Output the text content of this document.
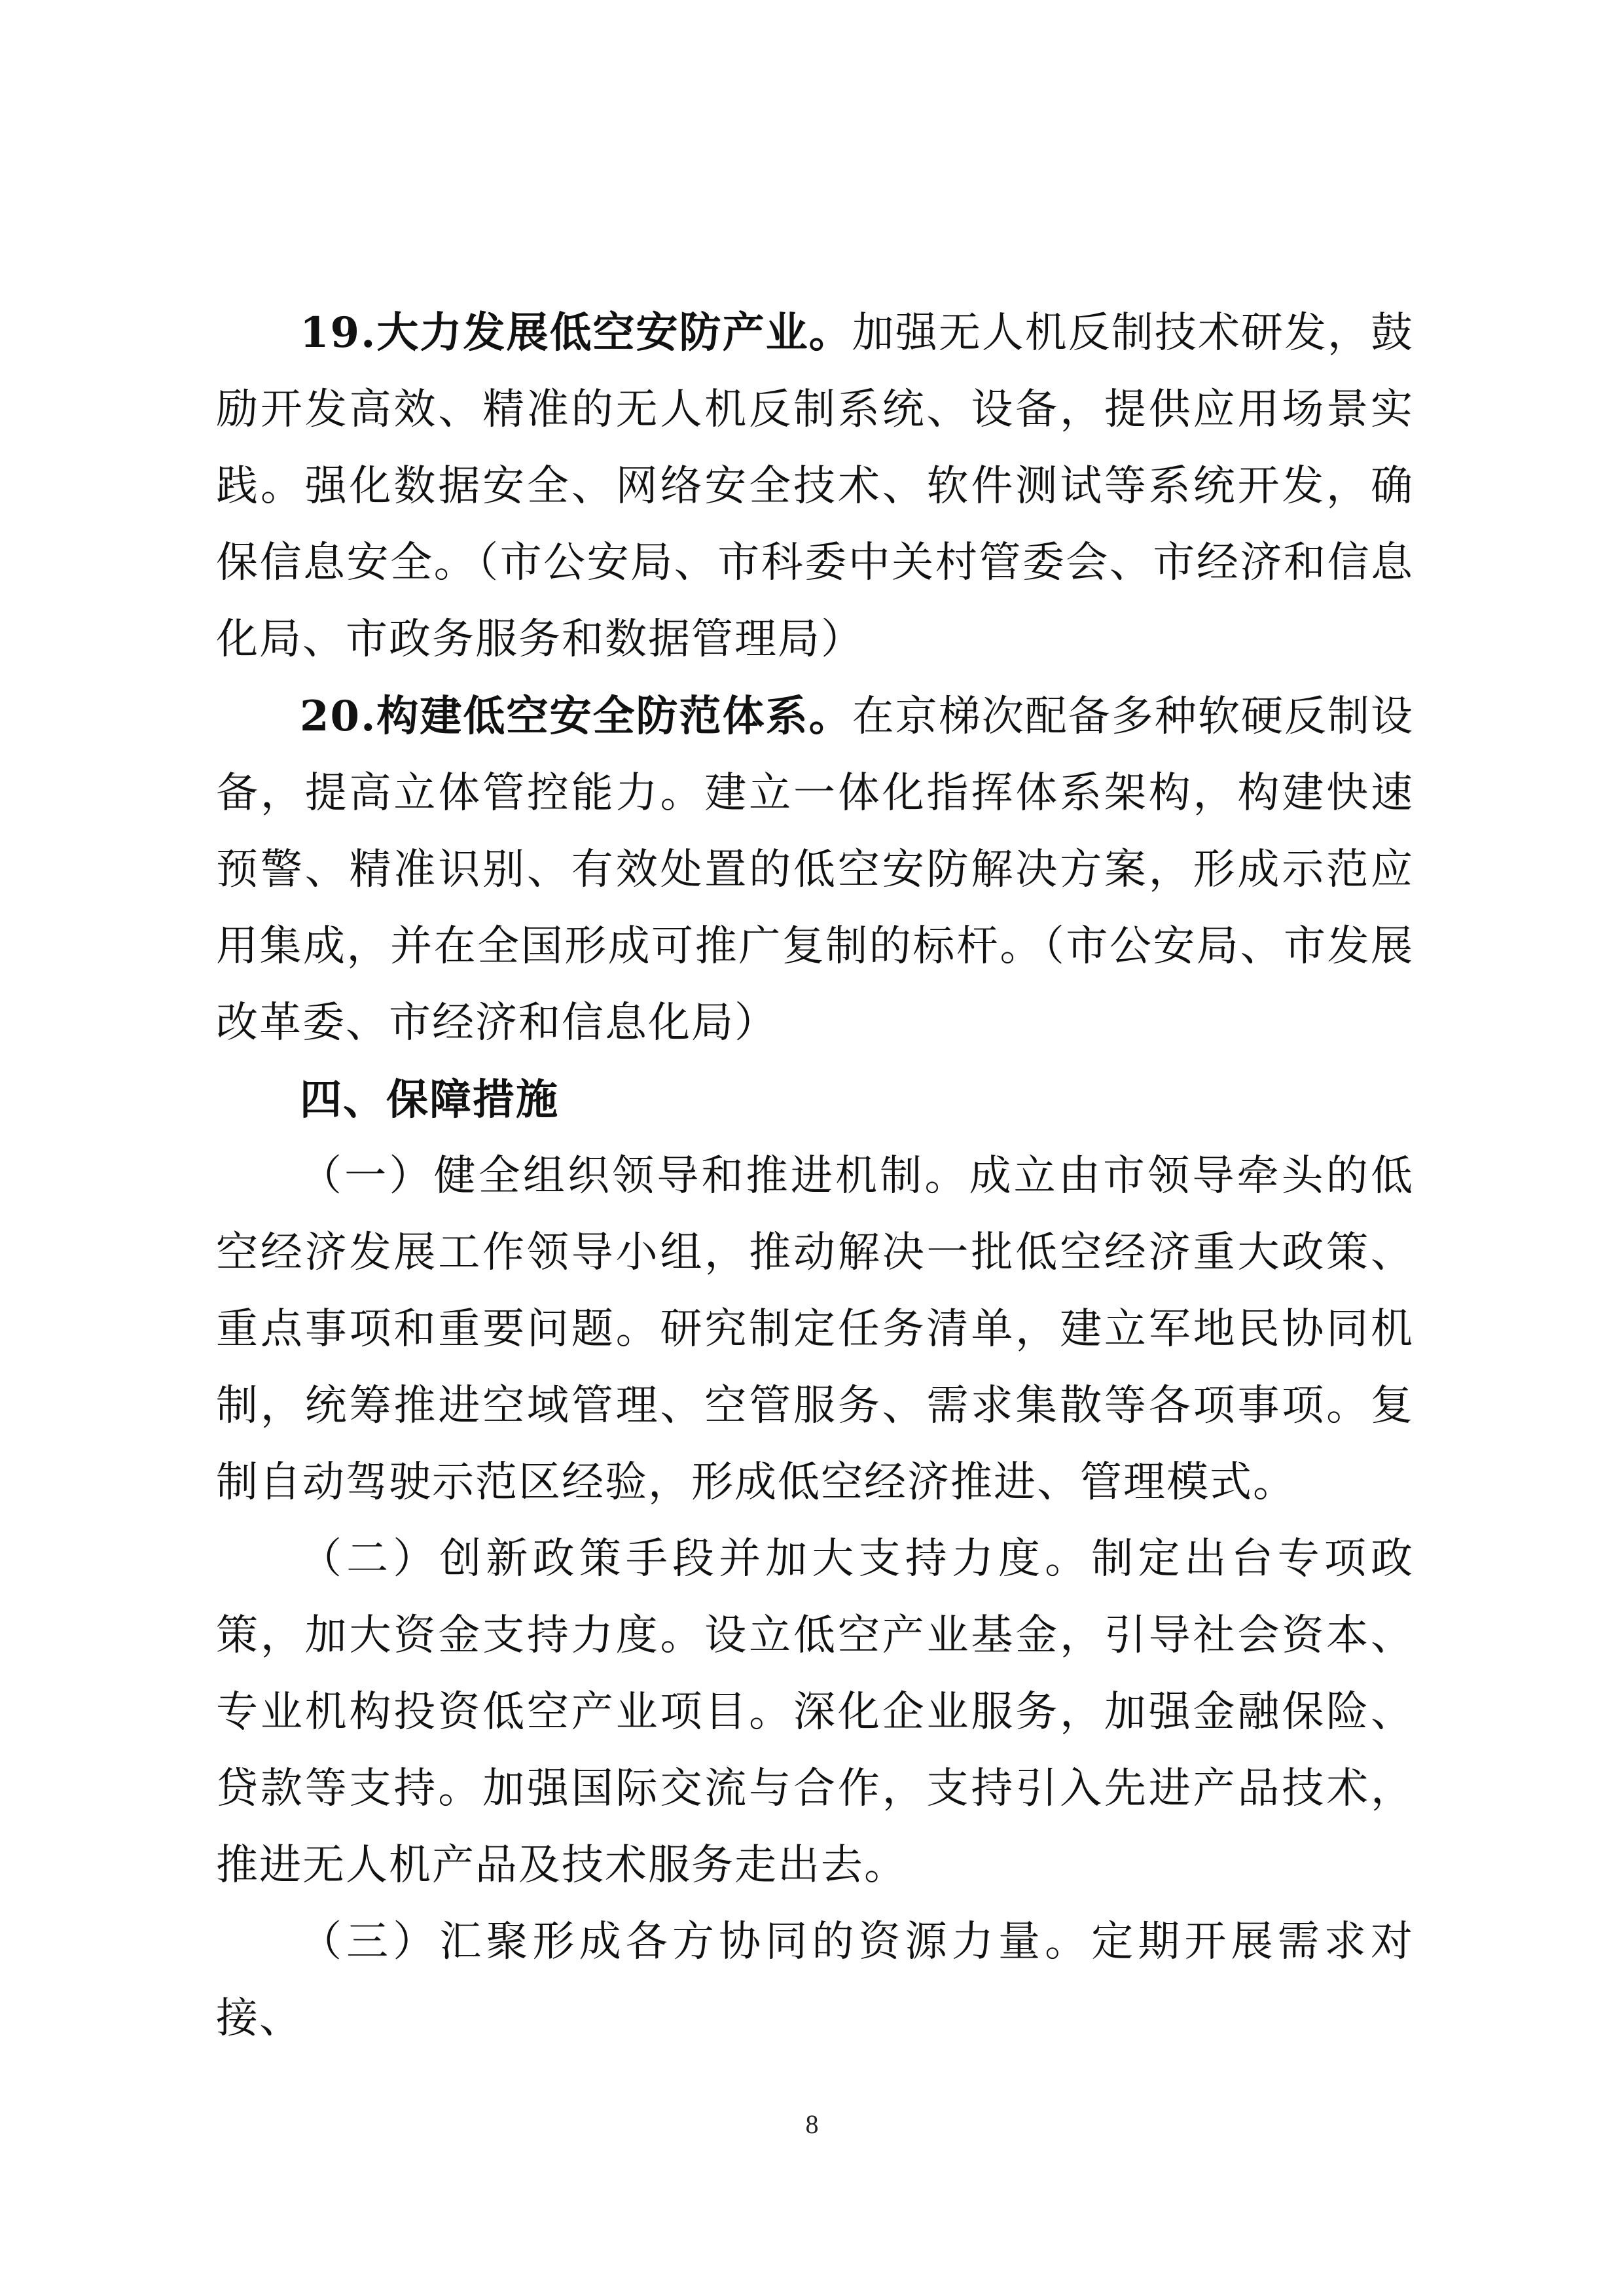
19.大力发展低空安防产业。加强无人机反制技术研发，鼓励开发高效、精准的无人机反制系统、设备，提供应用场景实践。强化数据安全、网络安全技术、软件测试等系统开发，确保信息安全。（市公安局、市科委中关村管委会、市经济和信息化局、市政务服务和数据管理局）

20.构建低空安全防范体系。在京梯次配备多种软硬反制设备，提高立体管控能力。建立一体化指挥体系架构，构建快速预警、精准识别、有效处置的低空安防解决方案，形成示范应用集成，并在全国形成可推广复制的标杆。（市公安局、市发展改革委、市经济和信息化局）

四、保障措施

（一）健全组织领导和推进机制。成立由市领导牵头的低空经济发展工作领导小组，推动解决一批低空经济重大政策、重点事项和重要问题。研究制定任务清单，建立军地民协同机制，统筹推进空域管理、空管服务、需求集散等各项事项。复制自动驾驶示范区经验，形成低空经济推进、管理模式。

（二）创新政策手段并加大支持力度。制定出台专项政策，加大资金支持力度。设立低空产业基金，引导社会资本、专业机构投资低空产业项目。深化企业服务，加强金融保险、贷款等支持。加强国际交流与合作，支持引入先进产品技术，推进无人机产品及技术服务走出去。

（三）汇聚形成各方协同的资源力量。定期开展需求对接、

8
